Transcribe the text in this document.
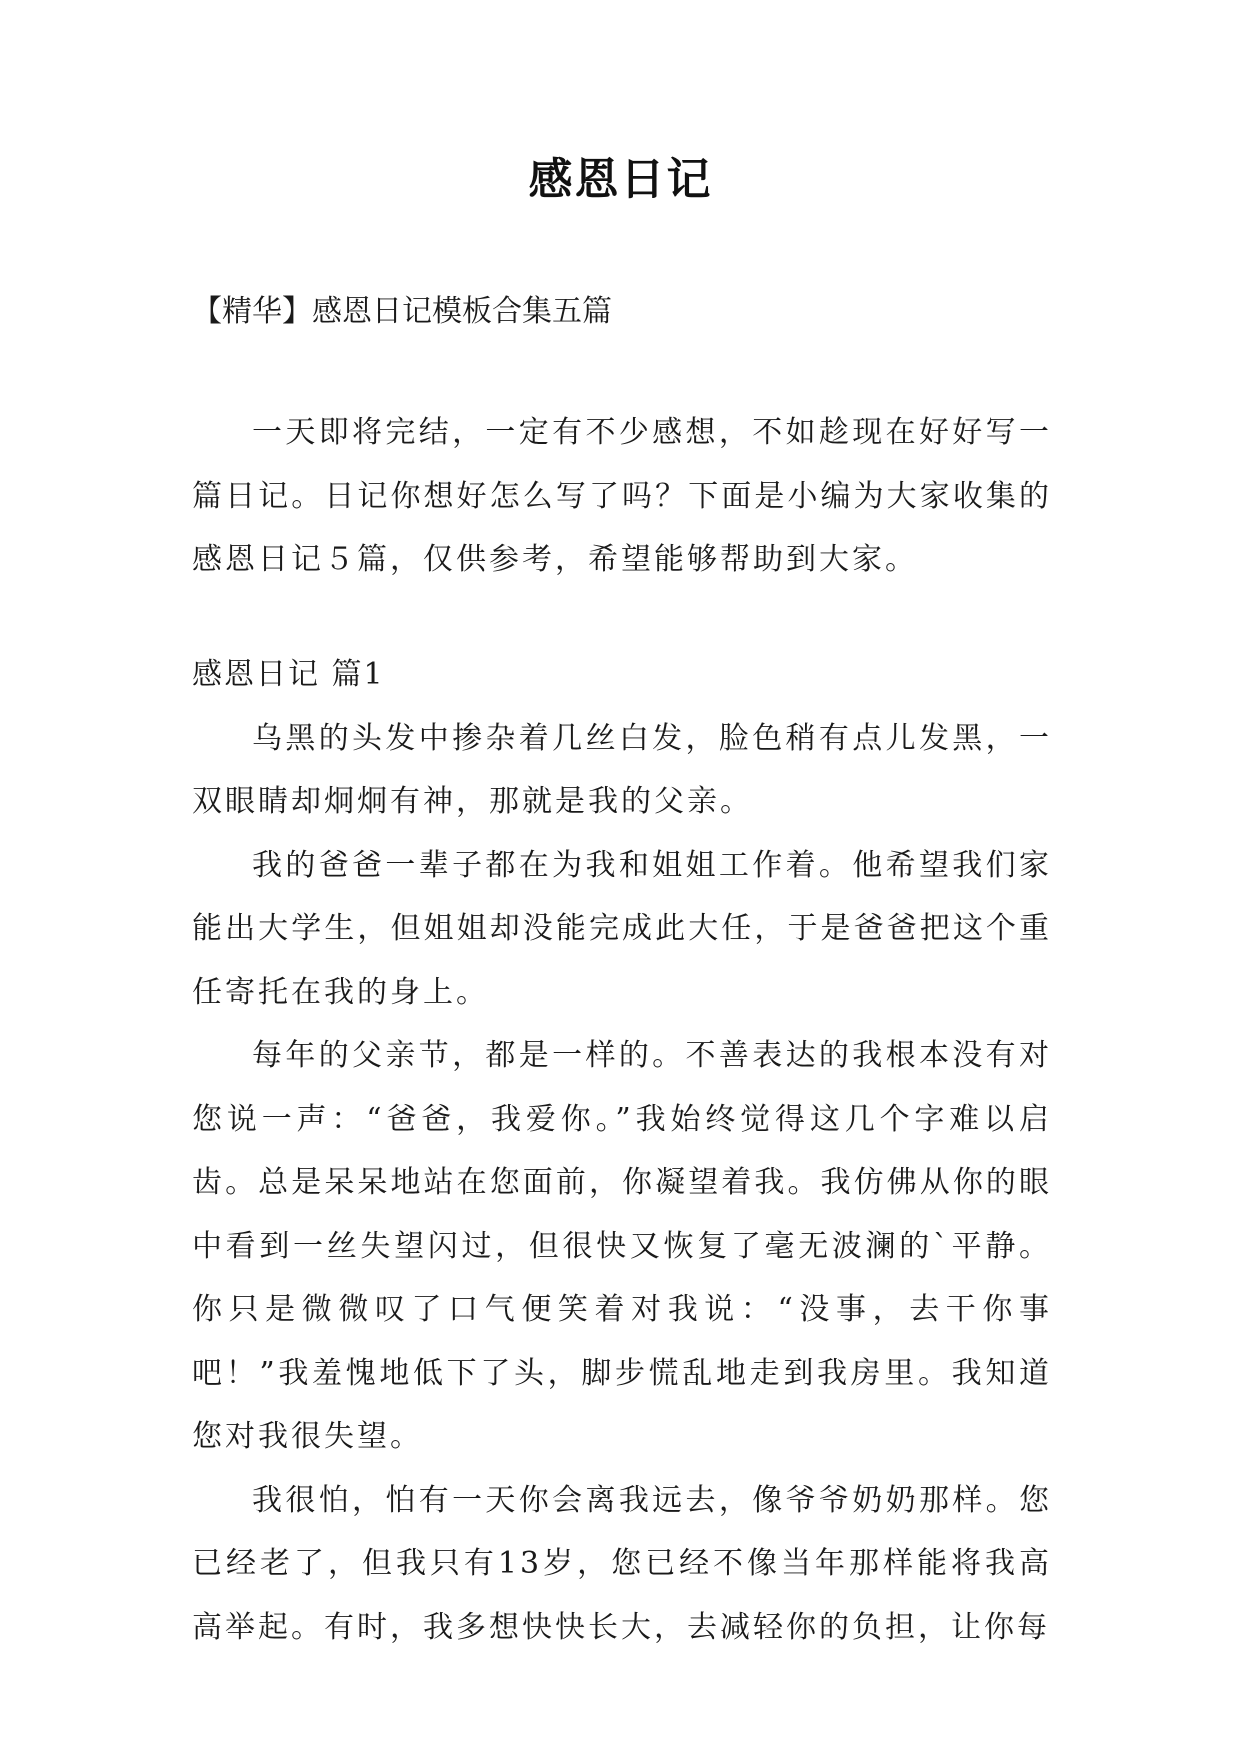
感恩日记
【精华】感恩日记模板合集五篇

一天即将完结，一定有不少感想，不如趁现在好好写一篇日记。日记你想好怎么写了吗？下面是小编为大家收集的感恩日记５篇，仅供参考，希望能够帮助到大家。

感恩日记 篇1

乌黑的头发中掺杂着几丝白发，脸色稍有点儿发黑，一双眼睛却炯炯有神，那就是我的父亲。

我的爸爸一辈子都在为我和姐姐工作着。他希望我们家能出大学生，但姐姐却没能完成此大任，于是爸爸把这个重任寄托在我的身上。

每年的父亲节，都是一样的。不善表达的我根本没有对您说一声：“爸爸，我爱你。”我始终觉得这几个字难以启齿。总是呆呆地站在您面前，你凝望着我。我仿佛从你的眼中看到一丝失望闪过，但很快又恢复了毫无波澜的`平静。你只是微微叹了口气便笑着对我说：“没事，去干你事吧！”我羞愧地低下了头，脚步慌乱地走到我房里。我知道您对我很失望。

我很怕，怕有一天你会离我远去，像爷爷奶奶那样。您已经老了，但我只有13岁，您已经不像当年那样能将我高高举起。有时，我多想快快长大，去减轻你的负担，让你每
